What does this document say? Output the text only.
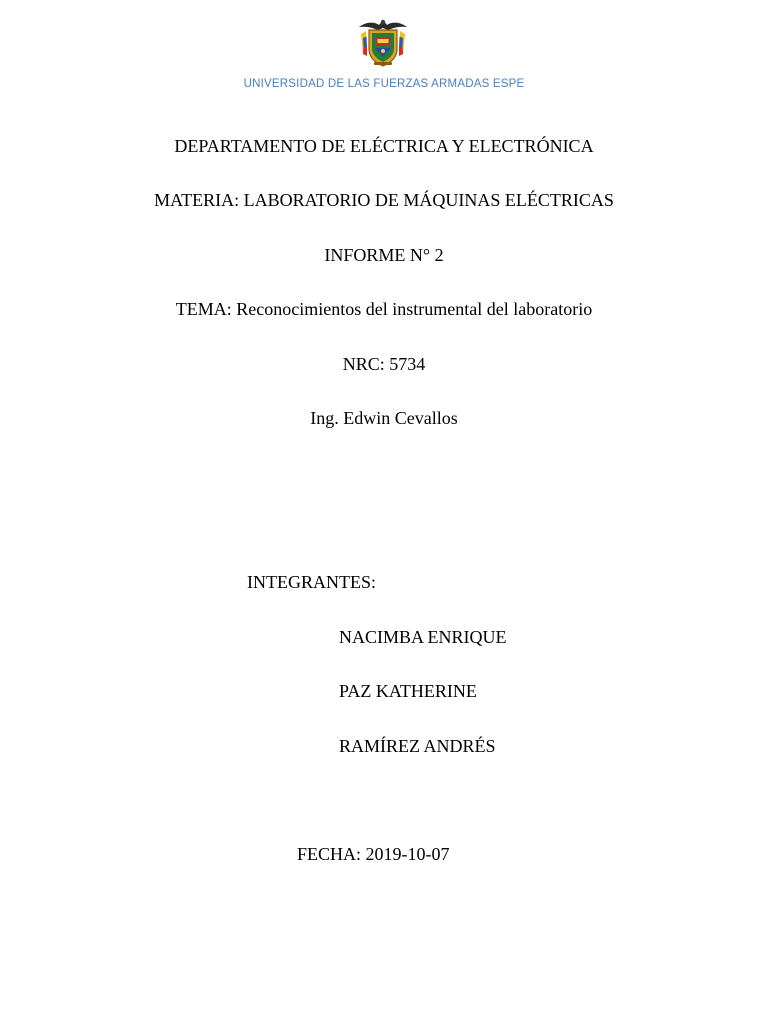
UNIVERSIDAD DE LAS FUERZAS ARMADAS ESPE

DEPARTAMENTO DE ELÉCTRICA Y ELECTRÓNICA

MATERIA: LABORATORIO DE MÁQUINAS ELÉCTRICAS

INFORME N° 2

TEMA: Reconocimientos del instrumental del laboratorio

NRC: 5734

Ing. Edwin Cevallos

INTEGRANTES:

NACIMBA ENRIQUE

PAZ KATHERINE

RAMÍREZ ANDRÉS

FECHA: 2019-10-07
